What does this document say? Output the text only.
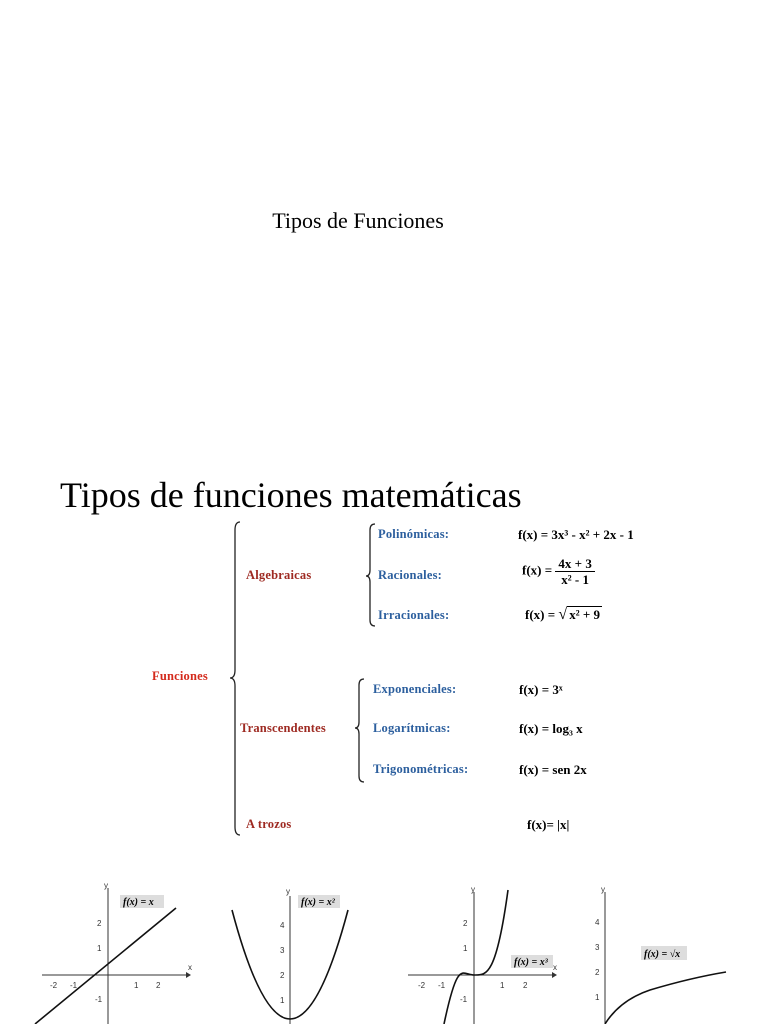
Tipos de Funciones
Tipos de funciones matemáticas
Funciones
Algebraicas
Transcendentes
A trozos
Polinómicas:	f(x) = 3x³ - x² + 2x - 1
Racionales:	$f(x) = \frac{4x + 3}{\text{x² - 1}}$
Irracionales:	f(x) = √ x² + 9
Exponenciales:	f(x) = 3ˣ
Logarítmicas:	f(x) = log₃ x
Trigonométricas:	f(x) = sen 2x
f(x)= |x|
x
y
f(x) = x
-2 -1	1 2
2
1
-1
y
f(x) = x²
4
3
2
1
x
y
f(x) = x³
-2 -1	1 2
2
1
-1
y
f(x) = √x
4
3
2
1
